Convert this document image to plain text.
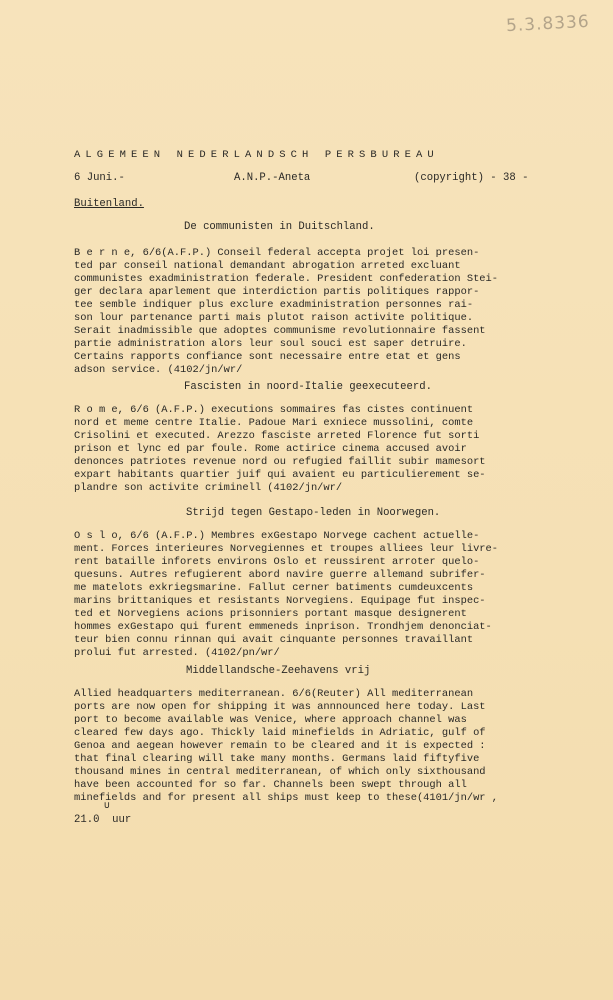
5.3.8336
ALGEMEEN NEDERLANDSCH PERSBUREAU

6 Juni.-

	A.N.P.-Aneta

	(copyright) - 38 -

Buitenland.
De communisten in Duitschland.
B e r n e, 6/6(A.F.P.) Conseil federal accepta projet loi presen-
ted par conseil national demandant abrogation arreted excluant
communistes exadministration federale. President confederation Stei-
ger declara aparlement que interdiction partis politiques rappor-
tee semble indiquer plus exclure exadministration personnes rai-
son lour partenance parti mais plutot raison activite politique.
Serait inadmissible que adoptes communisme revolutionnaire fassent
partie administration alors leur soul souci est saper detruire.
Certains rapports confiance sont necessaire entre etat et gens
adson service. (4102/jn/wr/
Fascisten in noord-Italie geexecuteerd.
R o m e, 6/6 (A.F.P.) executions sommaires fas cistes continuent
nord et meme centre Italie. Padoue Mari exniece mussolini, comte
Crisolini et executed. Arezzo fasciste arreted Florence fut sorti
prison et lync ed par foule. Rome actirice cinema accused avoir
denonces patriotes revenue nord ou refugied faillit subir mamesort
expart habitants quartier juif qui avaient eu particulierement se-
plandre son activite criminell (4102/jn/wr/
Strijd tegen Gestapo-leden in Noorwegen.
O s l o, 6/6 (A.F.P.) Membres exGestapo Norvege cachent actuelle-
ment. Forces interieures Norvegiennes et troupes alliees leur livre-
rent bataille inforets environs Oslo et reussirent arroter quelo-
quesuns. Autres refugierent abord navire guerre allemand subrifer-
me matelots exkriegsmarine. Fallut cerner batiments cumdeuxcents
marins brittaniques et resistants Norvegiens. Equipage fut inspec-
ted et Norvegiens acions prisonniers portant masque designerent
hommes exGestapo qui furent emmeneds inprison. Trondhjem denonciat-
teur bien connu rinnan qui avait cinquante personnes travaillant
prolui fut arrested. (4102/pn/wr/
Middellandsche-Zeehavens vrij
Allied headquarters mediterranean. 6/6(Reuter) All mediterranean
ports are now open for shipping it was annnounced here today. Last
port to become available was Venice, where approach channel was
cleared few days ago. Thickly laid minefields in Adriatic, gulf of
Genoa and aegean however remain to be cleared and it is expected :
that final clearing will take many months. Germans laid fiftyfive
thousand mines in central mediterranean, of which only sixthousand
have been accounted for so far. Channels been swept through all
minefields and for present all ships must keep to these(4101/jn/wr ,
∪
21.0  uur
